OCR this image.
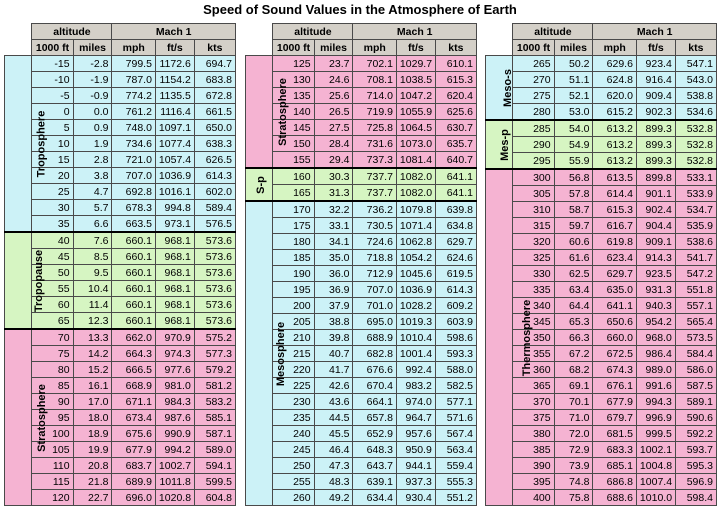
Speed of Sound Values in the Atmosphere of Earth
	altitude		Mach 1		
	1000 ft	miles	mph	ft/s	kts
Troposphere	-15	-2.8	799.5	1172.6	694.7
	-10	-1.9	787.0	1154.2	683.8
	-5	-0.9	774.2	1135.5	672.8
	0	0.0	761.2	1116.4	661.5
	5	0.9	748.0	1097.1	650.0
	10	1.9	734.6	1077.4	638.3
	15	2.8	721.0	1057.4	626.5
	20	3.8	707.0	1036.9	614.3
	25	4.7	692.8	1016.1	602.0
	30	5.7	678.3	994.8	589.4
	35	6.6	663.5	973.1	576.5
Tropopause	40	7.6	660.1	968.1	573.6
	45	8.5	660.1	968.1	573.6
	50	9.5	660.1	968.1	573.6
	55	10.4	660.1	968.1	573.6
	60	11.4	660.1	968.1	573.6
	65	12.3	660.1	968.1	573.6
Stratosphere	70	13.3	662.0	970.9	575.2
	75	14.2	664.3	974.3	577.3
	80	15.2	666.5	977.6	579.2
	85	16.1	668.9	981.0	581.2
	90	17.0	671.1	984.3	583.2
	95	18.0	673.4	987.6	585.1
	100	18.9	675.6	990.9	587.1
	105	19.9	677.9	994.2	589.0
	110	20.8	683.7	1002.7	594.1
	115	21.8	689.9	1011.8	599.5
	120	22.7	696.0	1020.8	604.8
	altitude		Mach 1		
	1000 ft	miles	mph	ft/s	kts
Stratosphere	125	23.7	702.1	1029.7	610.1
	130	24.6	708.1	1038.5	615.3
	135	25.6	714.0	1047.2	620.4
	140	26.5	719.9	1055.9	625.6
	145	27.5	725.8	1064.5	630.7
	150	28.4	731.6	1073.0	635.7
	155	29.4	737.3	1081.4	640.7
S-p	160	30.3	737.7	1082.0	641.1
	165	31.3	737.7	1082.0	641.1
Mesosphere	170	32.2	736.2	1079.8	639.8
	175	33.1	730.5	1071.4	634.8
	180	34.1	724.6	1062.8	629.7
	185	35.0	718.8	1054.2	624.6
	190	36.0	712.9	1045.6	619.5
	195	36.9	707.0	1036.9	614.3
	200	37.9	701.0	1028.2	609.2
	205	38.8	695.0	1019.3	603.9
	210	39.8	688.9	1010.4	598.6
	215	40.7	682.8	1001.4	593.3
	220	41.7	676.6	992.4	588.0
	225	42.6	670.4	983.2	582.5
	230	43.6	664.1	974.0	577.1
	235	44.5	657.8	964.7	571.6
	240	45.5	652.9	957.6	567.4
	245	46.4	648.3	950.9	563.4
	250	47.3	643.7	944.1	559.4
	255	48.3	639.1	937.3	555.3
	260	49.2	634.4	930.4	551.2
	altitude		Mach 1		
	1000 ft	miles	mph	ft/s	kts
Meso-s	265	50.2	629.6	923.4	547.1
	270	51.1	624.8	916.4	543.0
	275	52.1	620.0	909.4	538.8
	280	53.0	615.2	902.3	534.6
Mes-p	285	54.0	613.2	899.3	532.8
	290	54.9	613.2	899.3	532.8
	295	55.9	613.2	899.3	532.8
Thermosphere	300	56.8	613.5	899.8	533.1
	305	57.8	614.4	901.1	533.9
	310	58.7	615.3	902.4	534.7
	315	59.7	616.7	904.4	535.9
	320	60.6	619.8	909.1	538.6
	325	61.6	623.4	914.3	541.7
	330	62.5	629.7	923.5	547.2
	335	63.4	635.0	931.3	551.8
	340	64.4	641.1	940.3	557.1
	345	65.3	650.6	954.2	565.4
	350	66.3	660.0	968.0	573.5
	355	67.2	672.5	986.4	584.4
	360	68.2	674.3	989.0	586.0
	365	69.1	676.1	991.6	587.5
	370	70.1	677.9	994.3	589.1
	375	71.0	679.7	996.9	590.6
	380	72.0	681.5	999.5	592.2
	385	72.9	683.3	1002.1	593.7
	390	73.9	685.1	1004.8	595.3
	395	74.8	686.8	1007.4	596.9
	400	75.8	688.6	1010.0	598.4
